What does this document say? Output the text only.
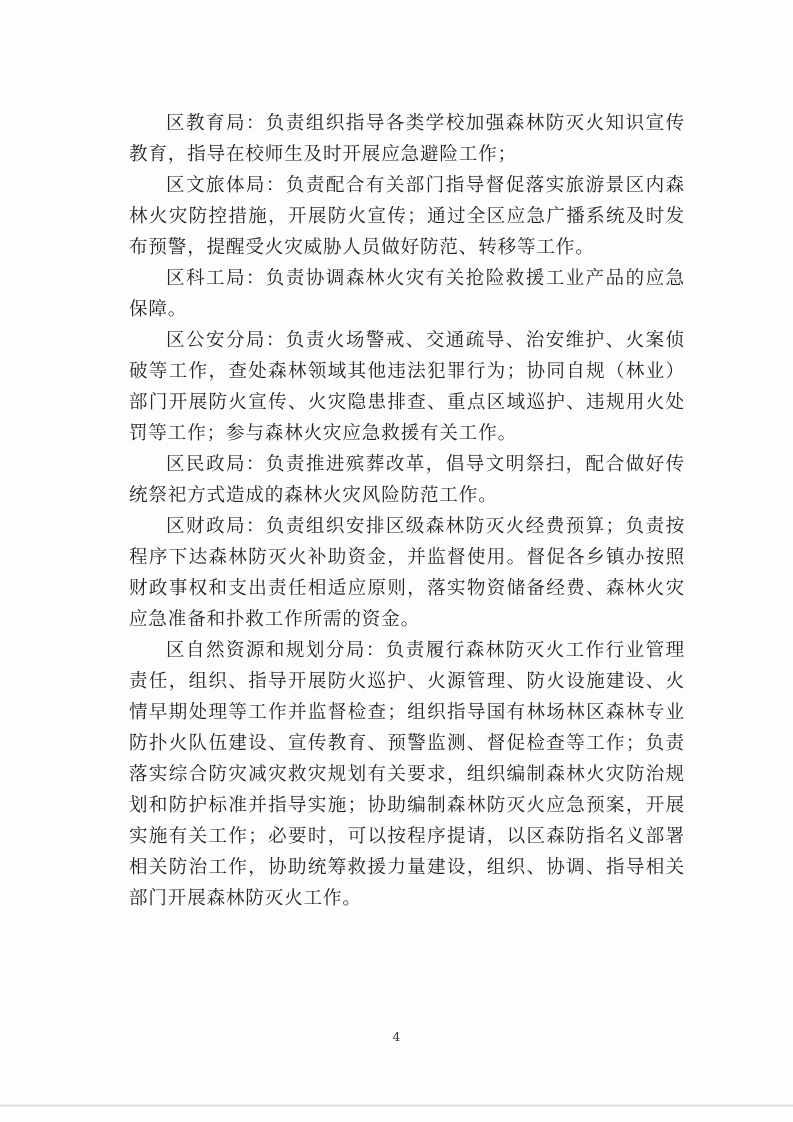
区教育局：负责组织指导各类学校加强森林防灭火知识宣传教育，指导在校师生及时开展应急避险工作；

区文旅体局：负责配合有关部门指导督促落实旅游景区内森林火灾防控措施，开展防火宣传；通过全区应急广播系统及时发布预警，提醒受火灾威胁人员做好防范、转移等工作。

区科工局：负责协调森林火灾有关抢险救援工业产品的应急保障。

区公安分局：负责火场警戒、交通疏导、治安维护、火案侦破等工作，查处森林领域其他违法犯罪行为；协同自规（林业）部门开展防火宣传、火灾隐患排查、重点区域巡护、违规用火处罚等工作；参与森林火灾应急救援有关工作。

区民政局：负责推进殡葬改革，倡导文明祭扫，配合做好传统祭祀方式造成的森林火灾风险防范工作。

区财政局：负责组织安排区级森林防灭火经费预算；负责按程序下达森林防灭火补助资金，并监督使用。督促各乡镇办按照财政事权和支出责任相适应原则，落实物资储备经费、森林火灾应急准备和扑救工作所需的资金。

区自然资源和规划分局：负责履行森林防灭火工作行业管理责任，组织、指导开展防火巡护、火源管理、防火设施建设、火情早期处理等工作并监督检查；组织指导国有林场林区森林专业防扑火队伍建设、宣传教育、预警监测、督促检查等工作；负责落实综合防灾减灾救灾规划有关要求，组织编制森林火灾防治规划和防护标准并指导实施；协助编制森林防灭火应急预案，开展实施有关工作；必要时，可以按程序提请，以区森防指名义部署相关防治工作，协助统筹救援力量建设，组织、协调、指导相关部门开展森林防灭火工作。

4
